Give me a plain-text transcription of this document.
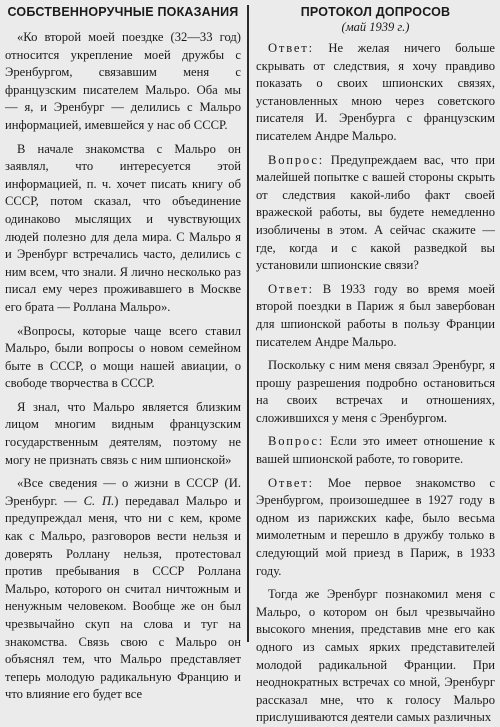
СОБСТВЕННОРУЧНЫЕ ПОКАЗАНИЯ

«Ко второй моей поездке (32—33 год) относится укрепление моей дружбы с Эренбургом, связавшим меня с французским писателем Мальро. Оба мы — я, и Эренбург — делились с Мальро информацией, имевшейся у нас об СССР.

В начале знакомства с Мальро он заявлял, что интересуется этой информацией, п. ч. хочет писать книгу об СССР, потом сказал, что объединение одинаково мыслящих и чувствующих людей полезно для дела мира. С Мальро я и Эренбург встречались часто, делились с ним всем, что знали. Я лично несколько раз писал ему через проживавшего в Москве его брата — Роллана Мальро».

«Вопросы, которые чаще всего ставил Мальро, были вопросы о новом семейном быте в СССР, о мощи нашей авиации, о свободе творчества в СССР.

Я знал, что Мальро является близким лицом многим видным французским государственным деятелям, поэтому не могу не признать связь с ним шпионской»

«Все сведения — о жизни в СССР (И. Эренбург. — С. П.) передавал Мальро и предупреждал меня, что ни с кем, кроме как с Мальро, разговоров вести нельзя и доверять Роллану нельзя, протестовал против пребывания в СССР Роллана Мальро, которого он считал ничтожным и ненужным человеком. Вообще же он был чрезвычайно скуп на слова и туг на знакомства. Связь свою с Мальро он объяснял тем, что Мальро представляет теперь молодую радикальную Францию и что влияние его будет все

ПРОТОКОЛ ДОПРОСОВ
(май 1939 г.)

Ответ: Не желая ничего больше скрывать от следствия, я хочу правдиво показать о своих шпионских связях, установленных мною через советского писателя И. Эренбурга с французским писателем Андре Мальро.

Вопрос: Предупреждаем вас, что при малейшей попытке с вашей стороны скрыть от следствия какой-либо факт своей вражеской работы, вы будете немедленно изобличены в этом. А сейчас скажите — где, когда и с какой разведкой вы установили шпионские связи?

Ответ: В 1933 году во время моей второй поездки в Париж я был завербован для шпионской работы в пользу Франции писателем Андре Мальро.

Поскольку с ним меня связал Эренбург, я прошу разрешения подробно остановиться на своих встречах и отношениях, сложившихся у меня с Эренбургом.

Вопрос: Если это имеет отношение к вашей шпионской работе, то говорите.

Ответ: Мое первое знакомство с Эренбургом, произошедшее в 1927 году в одном из парижских кафе, было весьма мимолетным и перешло в дружбу только в следующий мой приезд в Париж, в 1933 году.

Тогда же Эренбург познакомил меня с Мальро, о котором он был чрезвычайно высокого мнения, представив мне его как одного из самых ярких представителей молодой радикальной Франции. При неоднократных встречах со мной, Эренбург рассказал мне, что к голосу Мальро прислушиваются деятели самых различных
